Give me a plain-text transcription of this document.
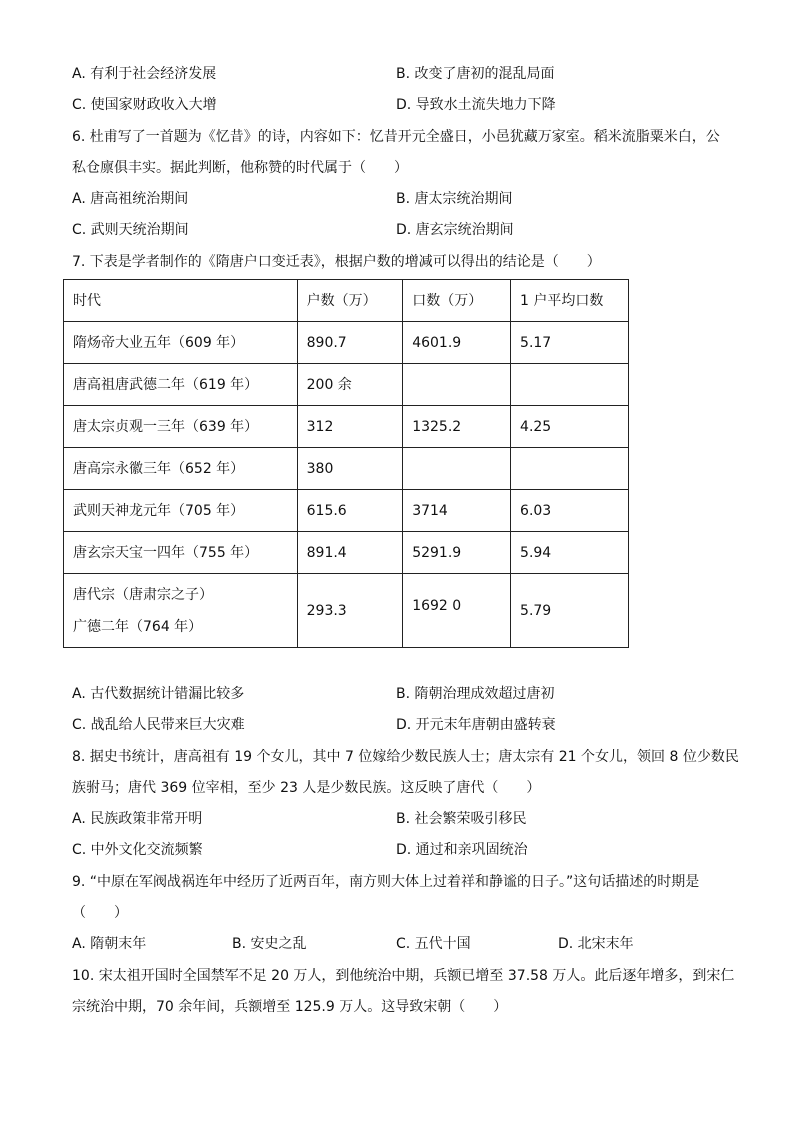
A. 有利于社会经济发展	B. 改变了唐初的混乱局面
C. 使国家财政收入大增	D. 导致水土流失地力下降
6. 杜甫写了一首题为《忆昔》的诗，内容如下：忆昔开元全盛日，小邑犹藏万家室。稻米流脂粟米白，公
私仓廪俱丰实。据此判断，他称赞的时代属于（　　）
A. 唐高祖统治期间	B. 唐太宗统治期间
C. 武则天统治期间	D. 唐玄宗统治期间
7. 下表是学者制作的《隋唐户口变迁表》，根据户数的增减可以得出的结论是（　　）
时代	户数（万）	口数（万）	1 户平均口数
隋炀帝大业五年（609 年）	890.7	4601.9	5.17
唐高祖唐武德二年（619 年）	200 余		
唐太宗贞观一三年（639 年）	312	1325.2	4.25
唐高宗永徽三年（652 年）	380		
武则天神龙元年（705 年）	615.6	3714	6.03
唐玄宗天宝一四年（755 年）	891.4	5291.9	5.94

唐代宗（唐肃宗之子）
广德二年（764 年）	293.3	1692 0	5.79
A. 古代数据统计错漏比较多	B. 隋朝治理成效超过唐初
C. 战乱给人民带来巨大灾难	D. 开元末年唐朝由盛转衰
8. 据史书统计，唐高祖有 19 个女儿，其中 7 位嫁给少数民族人士；唐太宗有 21 个女儿，领回 8 位少数民
族驸马；唐代 369 位宰相，至少 23 人是少数民族。这反映了唐代（　　）
A. 民族政策非常开明	B. 社会繁荣吸引移民
C. 中外文化交流频繁	D. 通过和亲巩固统治
9. “中原在军阀战祸连年中经历了近两百年，南方则大体上过着祥和静谧的日子。”这句话描述的时期是
（　　）
A. 隋朝末年	B. 安史之乱	C. 五代十国	D. 北宋末年
10. 宋太祖开国时全国禁军不足 20 万人，到他统治中期，兵额已增至 37.58 万人。此后逐年增多，到宋仁
宗统治中期，70 余年间，兵额增至 125.9 万人。这导致宋朝（　　）
